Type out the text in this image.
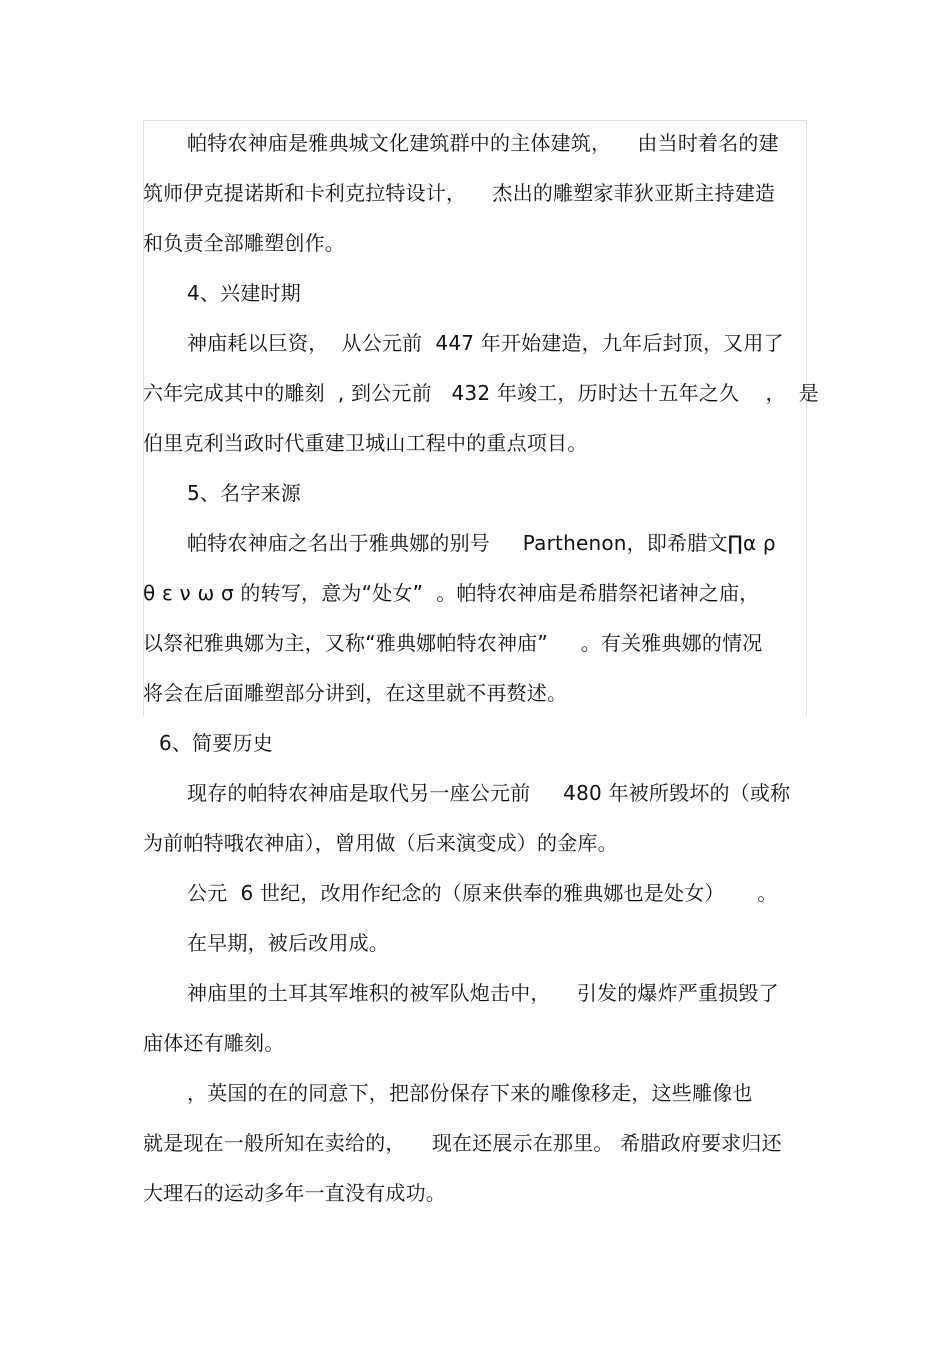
帕特农神庙是雅典城文化建筑群中的主体建筑，    由当时着名的建
筑师伊克提诺斯和卡利克拉特设计，    杰出的雕塑家菲狄亚斯主持建造
和负责全部雕塑创作。
4、兴建时期
神庙耗以巨资，  从公元前  447 年开始建造，九年后封顶，又用了
六年完成其中的雕刻  , 到公元前   432 年竣工，历时达十五年之久    ，  是
伯里克利当政时代重建卫城山工程中的重点项目。
5、名字来源
帕特农神庙之名出于雅典娜的别号     Parthenon，即希腊文∏α ρ
θ ε ν ω σ 的转写，意为“处女”  。帕特农神庙是希腊祭祀诸神之庙，
以祭祀雅典娜为主，又称“雅典娜帕特农神庙”     。有关雅典娜的情况
将会在后面雕塑部分讲到，在这里就不再赘述。
6、简要历史
现存的帕特农神庙是取代另一座公元前     480 年被所毁坏的（或称
为前帕特哦农神庙），曾用做（后来演变成）的金库。
公元  6 世纪，改用作纪念的（原来供奉的雅典娜也是处女）     。
在早期，被后改用成。
神庙里的土耳其军堆积的被军队炮击中，    引发的爆炸严重损毁了
庙体还有雕刻。
，英国的在的同意下，把部份保存下来的雕像移走，这些雕像也
就是现在一般所知在卖给的，    现在还展示在那里。 希腊政府要求归还
大理石的运动多年一直没有成功。
